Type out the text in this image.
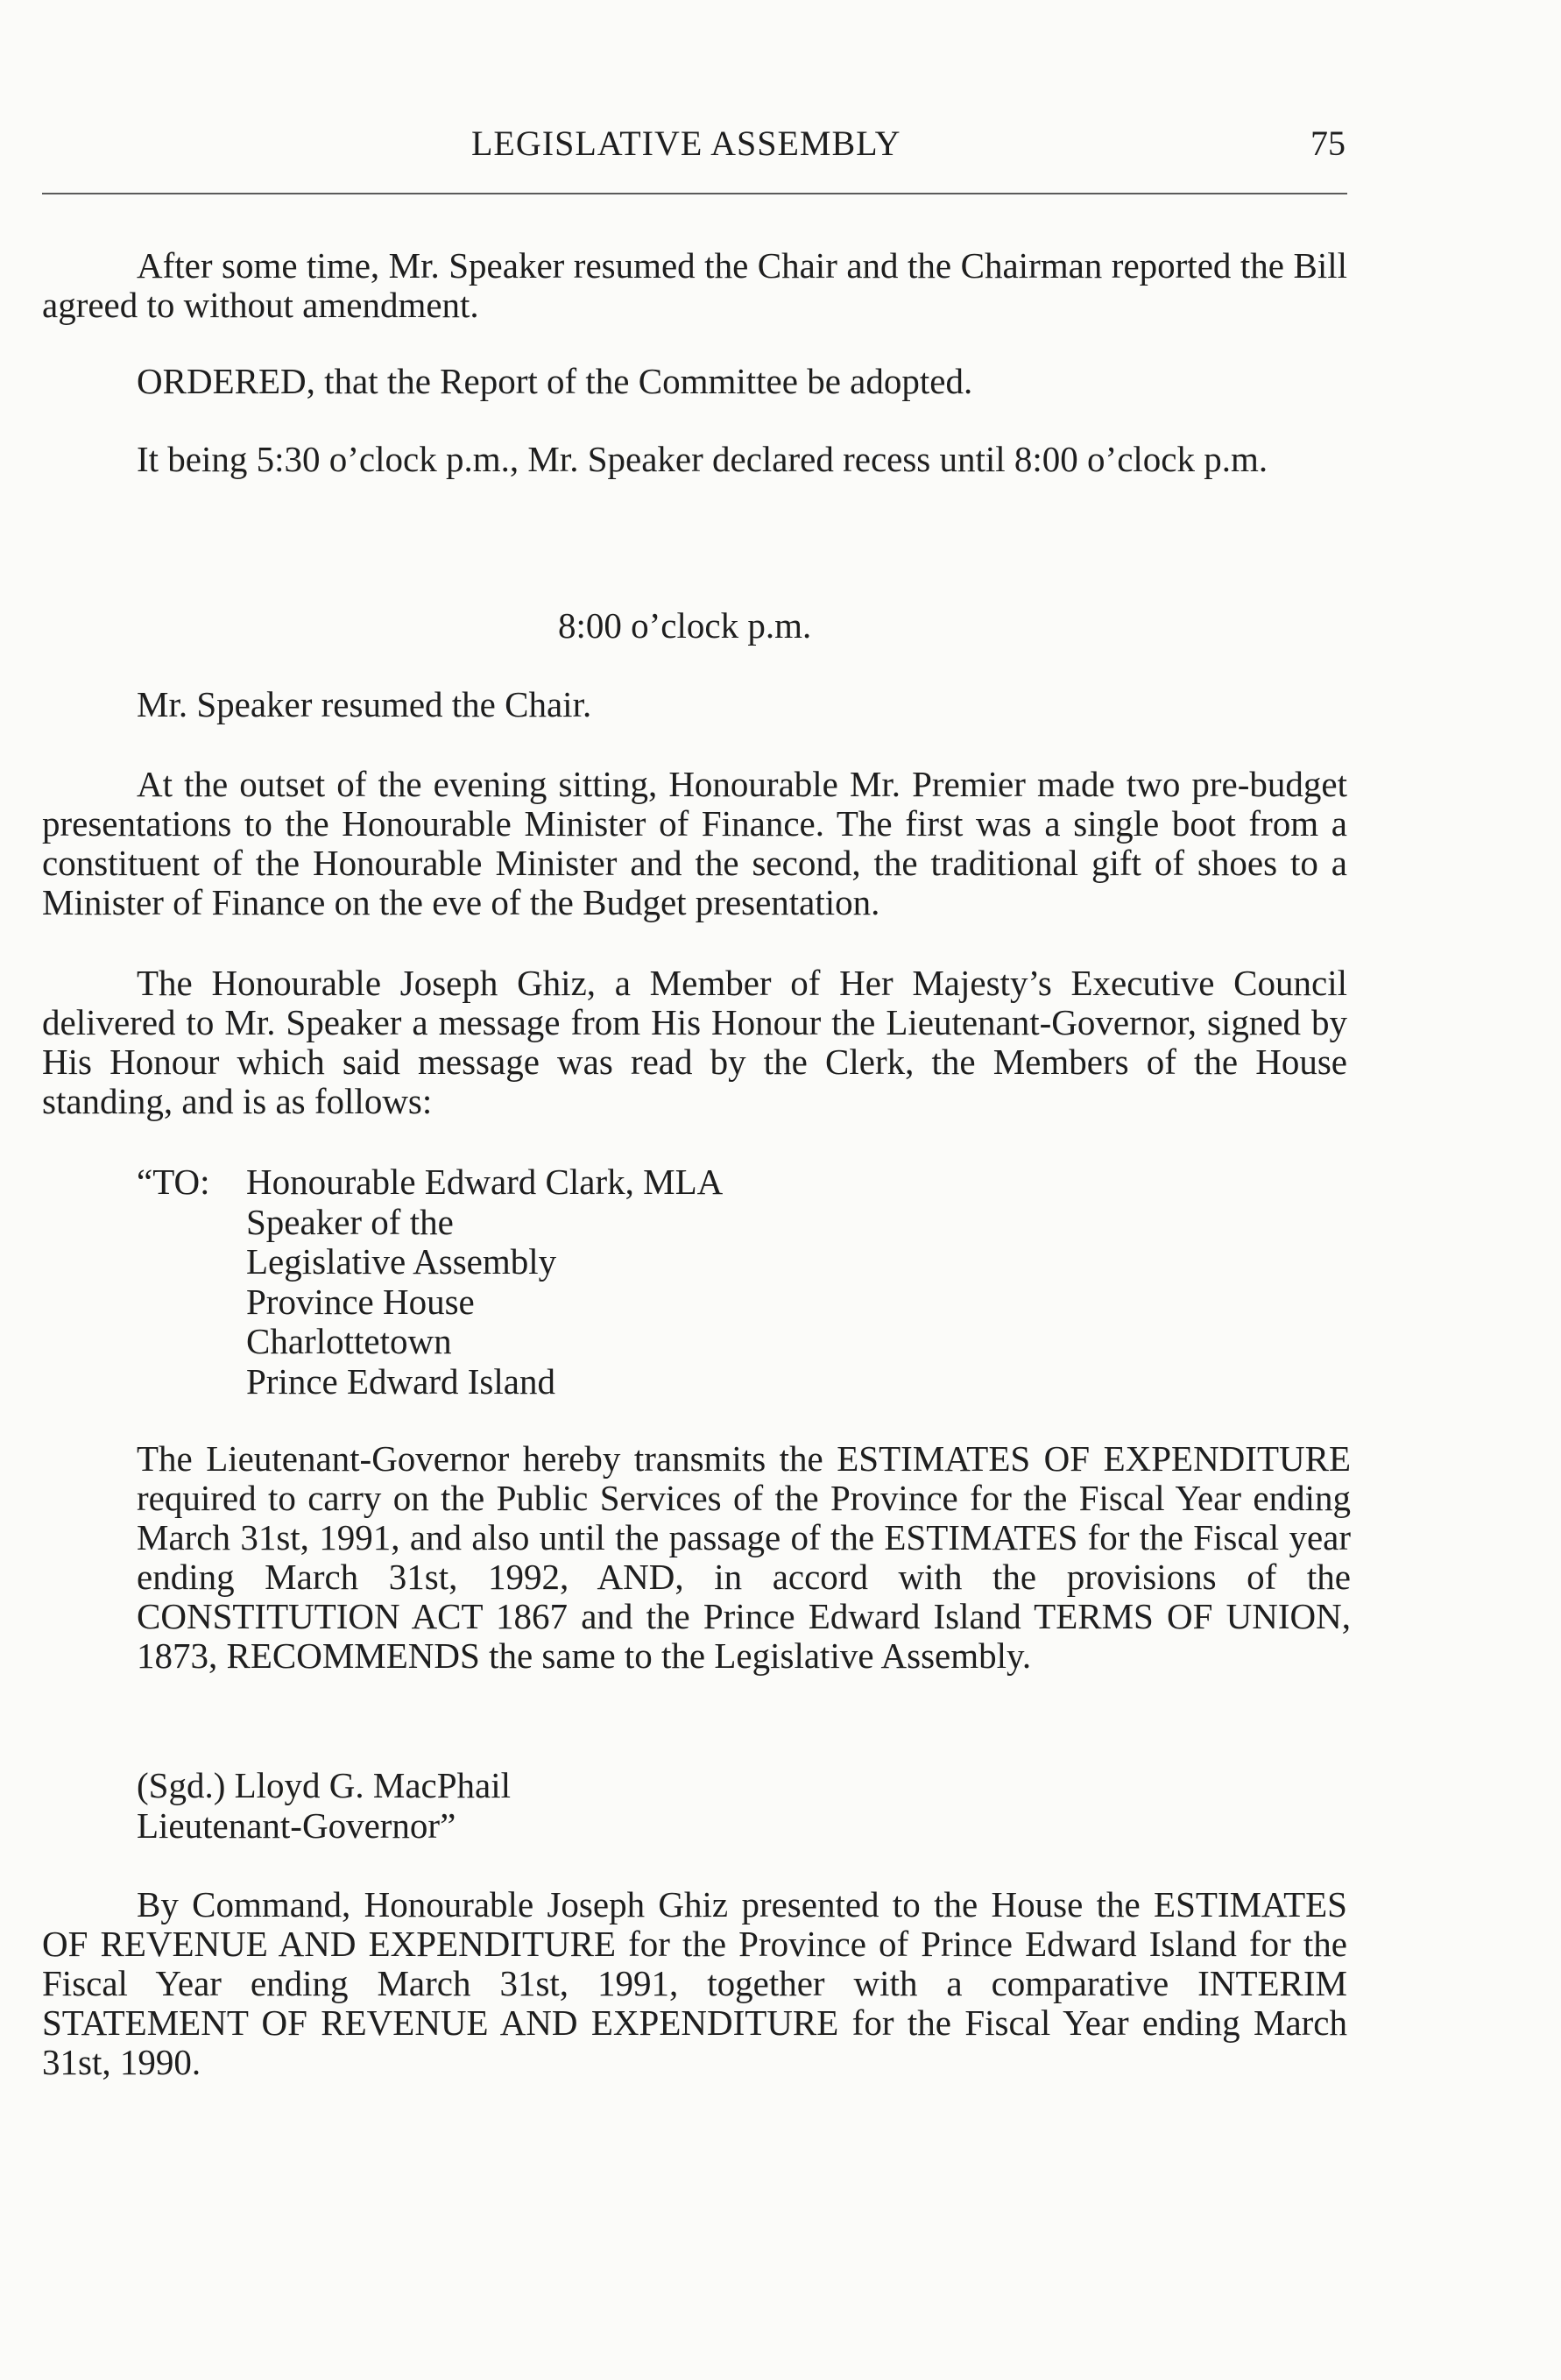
LEGISLATIVE ASSEMBLY	75

After some time, Mr. Speaker resumed the Chair and the Chairman reported the Bill agreed to without amendment.

ORDERED, that the Report of the Committee be adopted.

It being 5:30 o’clock p.m., Mr. Speaker declared recess until 8:00 o’clock p.m.

8:00 o’clock p.m.

Mr. Speaker resumed the Chair.

At the outset of the evening sitting, Honourable Mr. Premier made two pre-budget presentations to the Honourable Minister of Finance. The first was a single boot from a constituent of the Honourable Minister and the second, the traditional gift of shoes to a Minister of Finance on the eve of the Budget presentation.

The Honourable Joseph Ghiz, a Member of Her Majesty’s Executive Council delivered to Mr. Speaker a message from His Honour the Lieutenant-Governor, signed by His Honour which said message was read by the Clerk, the Members of the House standing, and is as follows:

“TO: Honourable Edward Clark, MLA
Speaker of the
Legislative Assembly
Province House
Charlottetown
Prince Edward Island

The Lieutenant-Governor hereby transmits the ESTIMATES OF EXPENDITURE required to carry on the Public Services of the Province for the Fiscal Year ending March 31st, 1991, and also until the passage of the ESTIMATES for the Fiscal year ending March 31st, 1992, AND, in accord with the provisions of the CONSTITUTION ACT 1867 and the Prince Edward Island TERMS OF UNION, 1873, RECOMMENDS the same to the Legislative Assembly.

(Sgd.) Lloyd G. MacPhail

Lieutenant-Governor”

By Command, Honourable Joseph Ghiz presented to the House the ESTIMATES OF REVENUE AND EXPENDITURE for the Province of Prince Edward Island for the Fiscal Year ending March 31st, 1991, together with a comparative INTERIM STATEMENT OF REVENUE AND EXPENDITURE for the Fiscal Year ending March 31st, 1990.
